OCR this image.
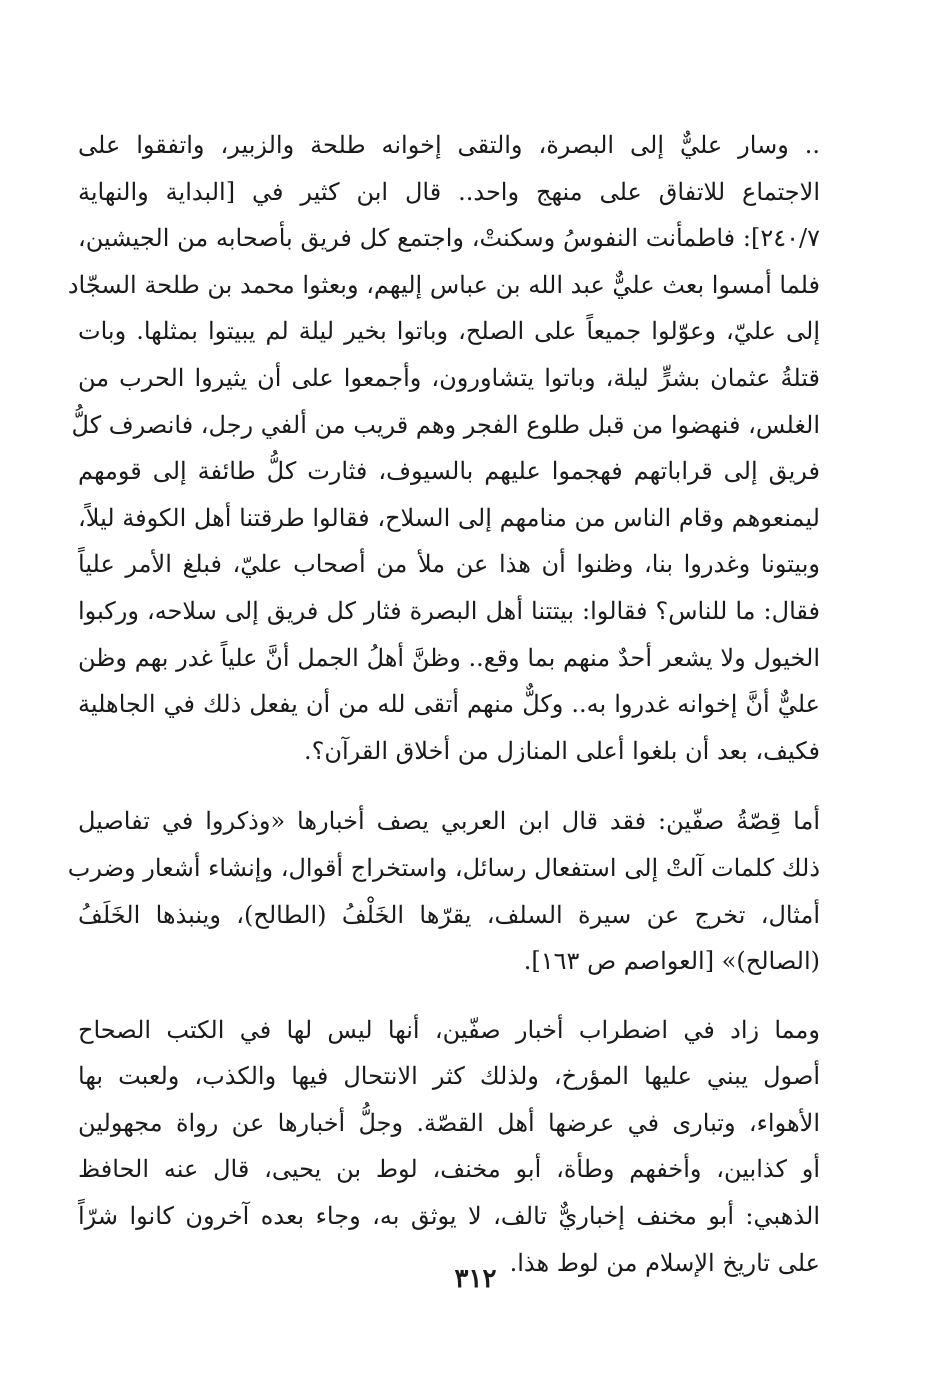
.. وسار عليٌّ إلى البصرة، والتقى إخوانه طلحة والزبير، واتفقوا على
الاجتماع للاتفاق على منهج واحد.. قال ابن كثير في [البداية والنهاية
٢٤٠/٧]: فاطمأنت النفوسُ وسكنتْ، واجتمع كل فريق بأصحابه من الجيشين،
فلما أمسوا بعث عليٌّ عبد الله بن عباس إليهم، وبعثوا محمد بن طلحة السجّاد
إلى عليّ، وعوّلوا جميعاً على الصلح، وباتوا بخير ليلة لم يبيتوا بمثلها. وبات
قتلةُ عثمان بشرٍّ ليلة، وباتوا يتشاورون، وأجمعوا على أن يثيروا الحرب من
الغلس، فنهضوا من قبل طلوع الفجر وهم قريب من ألفي رجل، فانصرف كلُّ
فريق إلى قراباتهم فهجموا عليهم بالسيوف، فثارت كلُّ طائفة إلى قومهم
ليمنعوهم وقام الناس من منامهم إلى السلاح، فقالوا طرقتنا أهل الكوفة ليلاً،
وبيتونا وغدروا بنا، وظنوا أن هذا عن ملأ من أصحاب عليّ، فبلغ الأمر علياً
فقال: ما للناس؟ فقالوا: بيتتنا أهل البصرة فثار كل فريق إلى سلاحه، وركبوا
الخيول ولا يشعر أحدٌ منهم بما وقع.. وظنَّ أهلُ الجمل أنَّ علياً غدر بهم وظن
عليٌّ أنَّ إخوانه غدروا به.. وكلٌّ منهم أتقى لله من أن يفعل ذلك في الجاهلية
فكيف، بعد أن بلغوا أعلى المنازل من أخلاق القرآن؟.
أما قِصّةُ صفّين: فقد قال ابن العربي يصف أخبارها «وذكروا في تفاصيل
ذلك كلمات آلتْ إلى استفعال رسائل، واستخراج أقوال، وإنشاء أشعار وضرب
أمثال، تخرج عن سيرة السلف، يقرّها الخَلْفُ (الطالح)، وينبذها الخَلَفُ
(الصالح)» [العواصم ص ١٦٣].
ومما زاد في اضطراب أخبار صفّين، أنها ليس لها في الكتب الصحاح
أصول يبني عليها المؤرخ، ولذلك كثر الانتحال فيها والكذب، ولعبت بها
الأهواء، وتبارى في عرضها أهل القصّة. وجلُّ أخبارها عن رواة مجهولين
أو كذابين، وأخفهم وطأة، أبو مخنف، لوط بن يحيى، قال عنه الحافظ
الذهبي: أبو مخنف إخباريٌّ تالف، لا يوثق به، وجاء بعده آخرون كانوا شرّاً
على تاريخ الإسلام من لوط هذا.
٣١٢
